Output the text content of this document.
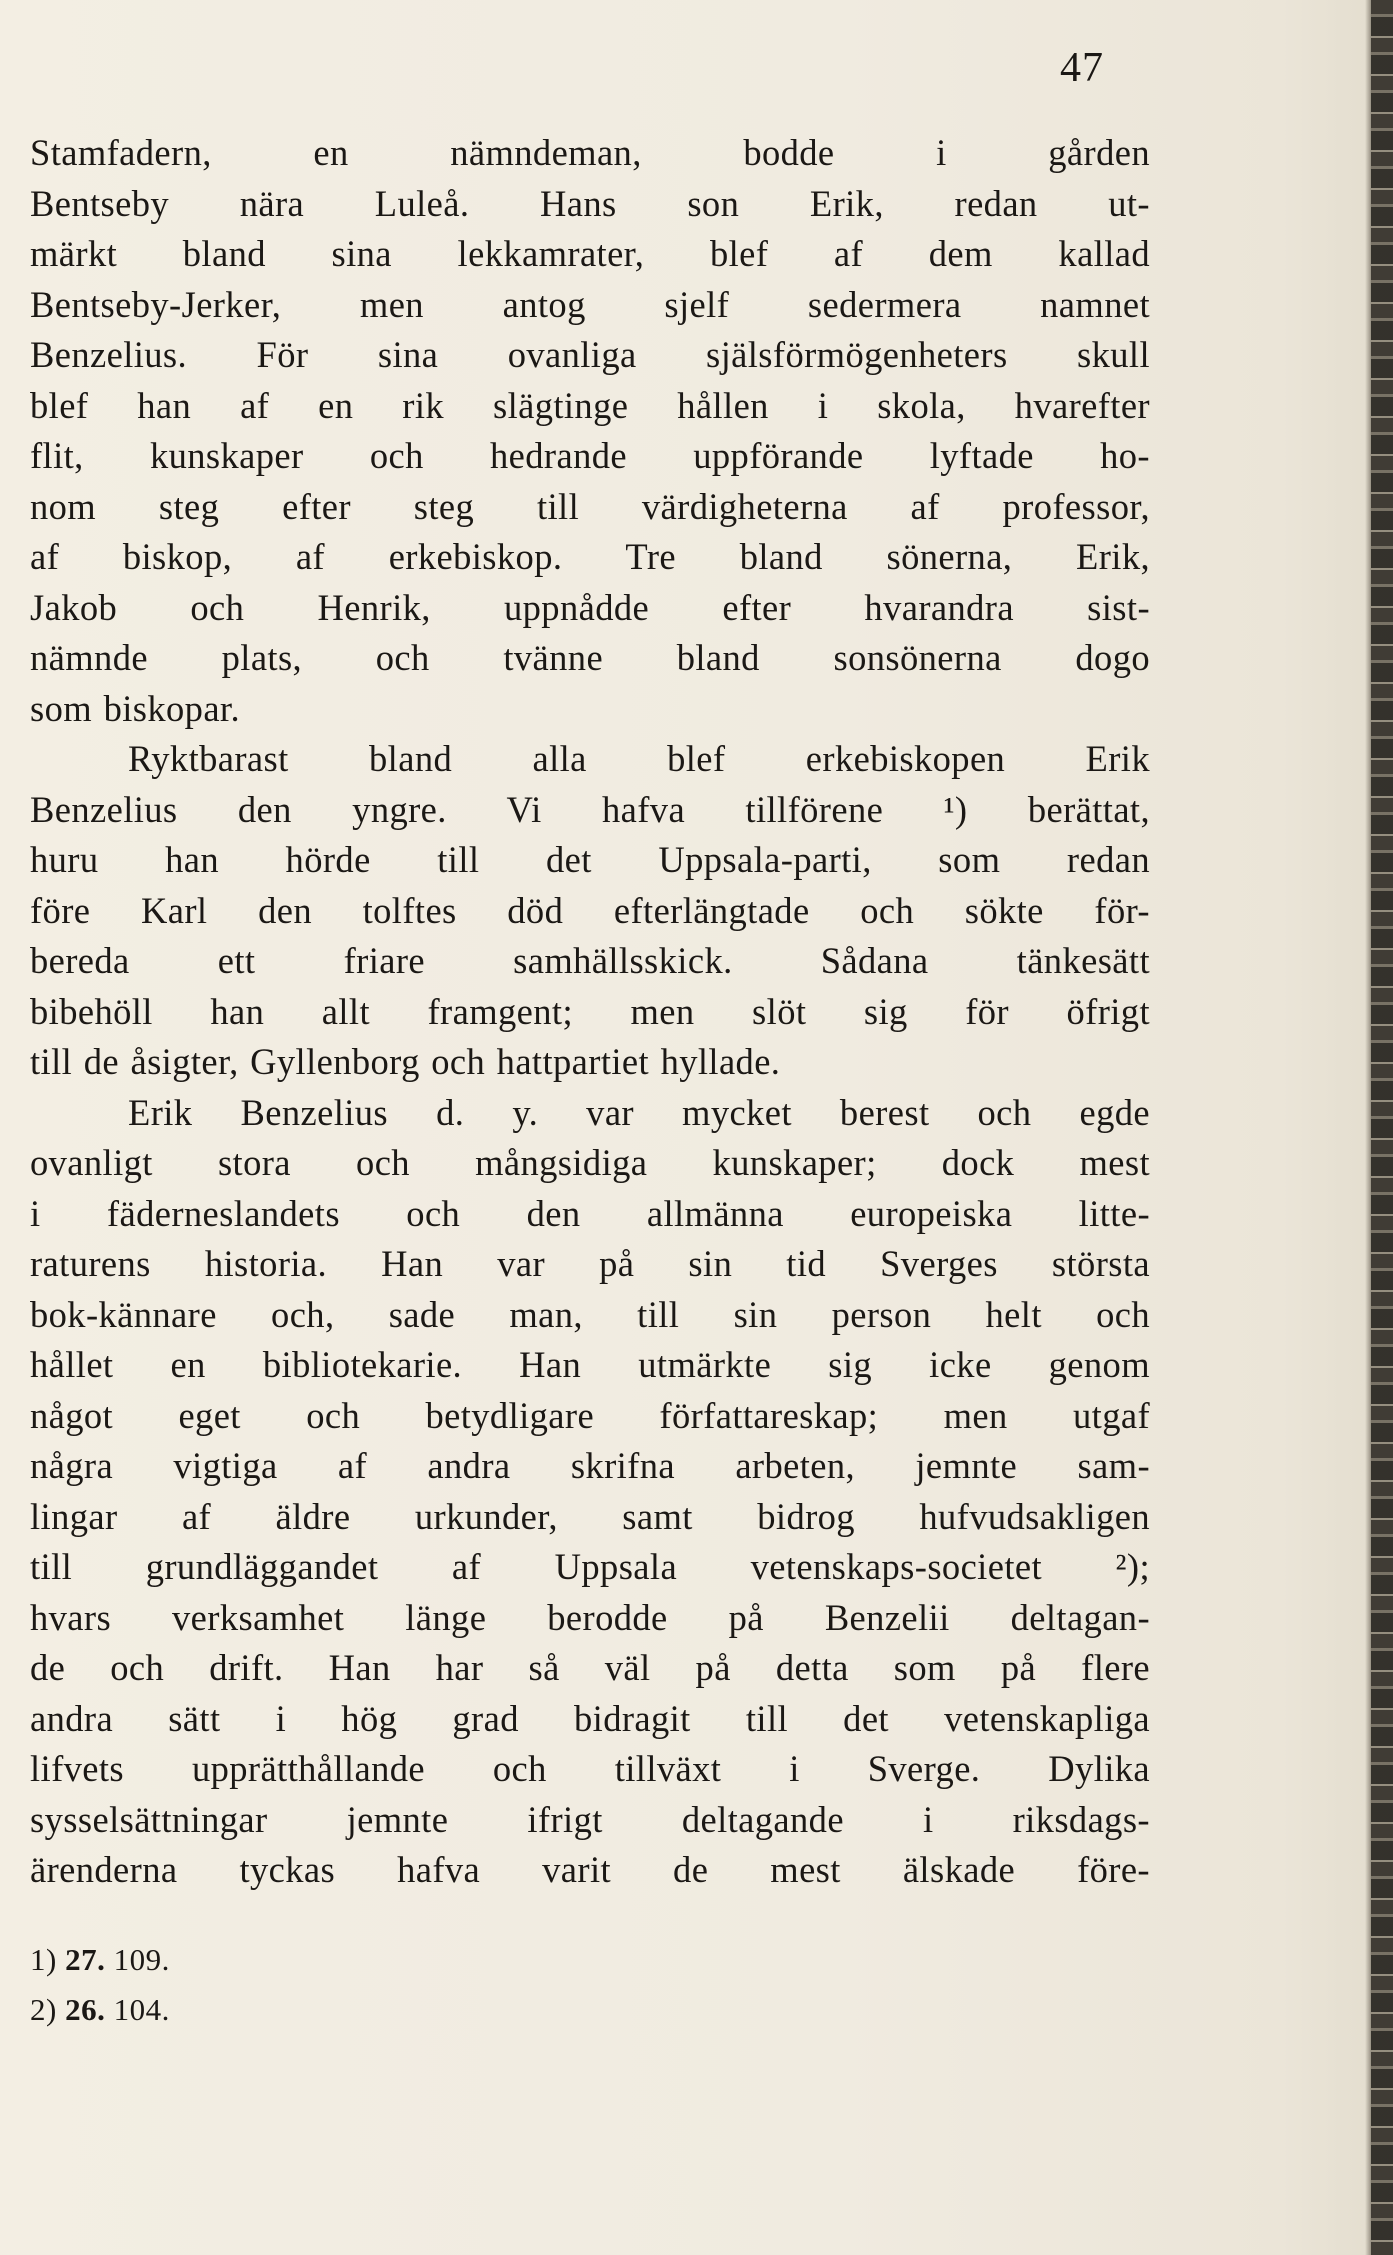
47
Stamfadern, en nämndeman, bodde i gården
Bentseby nära Luleå. Hans son Erik, redan ut-
märkt bland sina lekkamrater, blef af dem kallad
Bentseby-Jerker, men antog sjelf sedermera namnet
Benzelius. För sina ovanliga själsförmögenheters skull
blef han af en rik slägtinge hållen i skola, hvarefter
flit, kunskaper och hedrande uppförande lyftade ho-
nom steg efter steg till värdigheterna af professor,
af biskop, af erkebiskop. Tre bland sönerna, Erik,
Jakob och Henrik, uppnådde efter hvarandra sist-
nämnde plats, och tvänne bland sonsönerna dogo
som biskopar.
Ryktbarast bland alla blef erkebiskopen Erik
Benzelius den yngre. Vi hafva tillförene ¹) berättat,
huru han hörde till det Uppsala-parti, som redan
före Karl den tolftes död efterlängtade och sökte för-
bereda ett friare samhällsskick. Sådana tänkesätt
bibehöll han allt framgent; men slöt sig för öfrigt
till de åsigter, Gyllenborg och hattpartiet hyllade.
Erik Benzelius d. y. var mycket berest och egde
ovanligt stora och mångsidiga kunskaper; dock mest
i fäderneslandets och den allmänna europeiska litte-
raturens historia. Han var på sin tid Sverges största
bok-kännare och, sade man, till sin person helt och
hållet en bibliotekarie. Han utmärkte sig icke genom
något eget och betydligare författareskap; men utgaf
några vigtiga af andra skrifna arbeten, jemnte sam-
lingar af äldre urkunder, samt bidrog hufvudsakligen
till grundläggandet af Uppsala vetenskaps-societet ²);
hvars verksamhet länge berodde på Benzelii deltagan-
de och drift. Han har så väl på detta som på flere
andra sätt i hög grad bidragit till det vetenskapliga
lifvets upprätthållande och tillväxt i Sverge. Dylika
sysselsättningar jemnte ifrigt deltagande i riksdags-
ärenderna tyckas hafva varit de mest älskade före-
1) 27. 109.
2) 26. 104.
